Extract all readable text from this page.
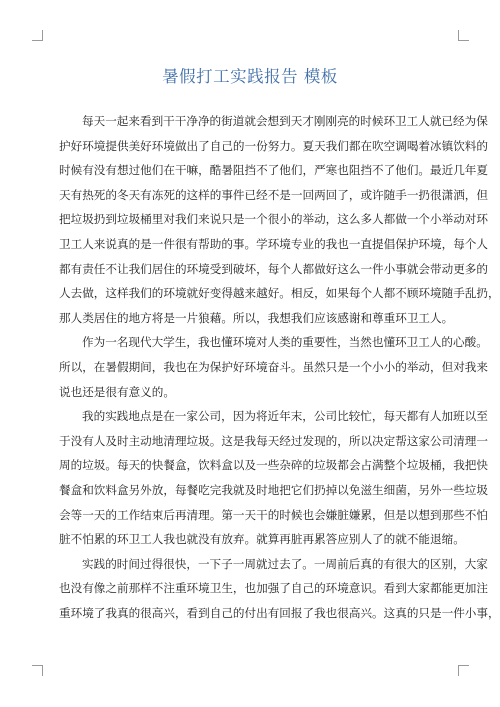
暑假打工实践报告 模板
每天一起来看到干干净净的街道就会想到天才刚刚亮的时候环卫工人就已经为保
护好环境提供美好环境做出了自己的一份努力。夏天我们都在吹空调喝着冰镇饮料的
时候有没有想过他们在干嘛，酷暑阻挡不了他们，严寒也阻挡不了他们。最近几年夏
天有热死的冬天有冻死的这样的事件已经不是一回两回了，或许随手一扔很潇洒，但
把垃圾扔到垃圾桶里对我们来说只是一个很小的举动，这么多人都做一个小举动对环
卫工人来说真的是一件很有帮助的事。学环境专业的我也一直提倡保护环境，每个人
都有责任不让我们居住的环境受到破坏，每个人都做好这么一件小事就会带动更多的
人去做，这样我们的环境就好变得越来越好。相反，如果每个人都不顾环境随手乱扔，
那人类居住的地方将是一片狼藉。所以，我想我们应该感谢和尊重环卫工人。
作为一名现代大学生，我也懂环境对人类的重要性，当然也懂环卫工人的心酸。
所以，在暑假期间，我也在为保护好环境奋斗。虽然只是一个小小的举动，但对我来
说也还是很有意义的。
我的实践地点是在一家公司，因为将近年末，公司比较忙，每天都有人加班以至
于没有人及时主动地清理垃圾。这是我每天经过发现的，所以决定帮这家公司清理一
周的垃圾。每天的快餐盒，饮料盒以及一些杂碎的垃圾都会占满整个垃圾桶，我把快
餐盒和饮料盒另外放，每餐吃完我就及时地把它们扔掉以免滋生细菌，另外一些垃圾
会等一天的工作结束后再清理。第一天干的时候也会嫌脏嫌累，但是以想到那些不怕
脏不怕累的环卫工人我也就没有放弃。就算再脏再累答应别人了的就不能退缩。
实践的时间过得很快，一下子一周就过去了。一周前后真的有很大的区别，大家
也没有像之前那样不注重环境卫生，也加强了自己的环境意识。看到大家都能更加注
重环境了我真的很高兴，看到自己的付出有回报了我也很高兴。这真的只是一件小事，
